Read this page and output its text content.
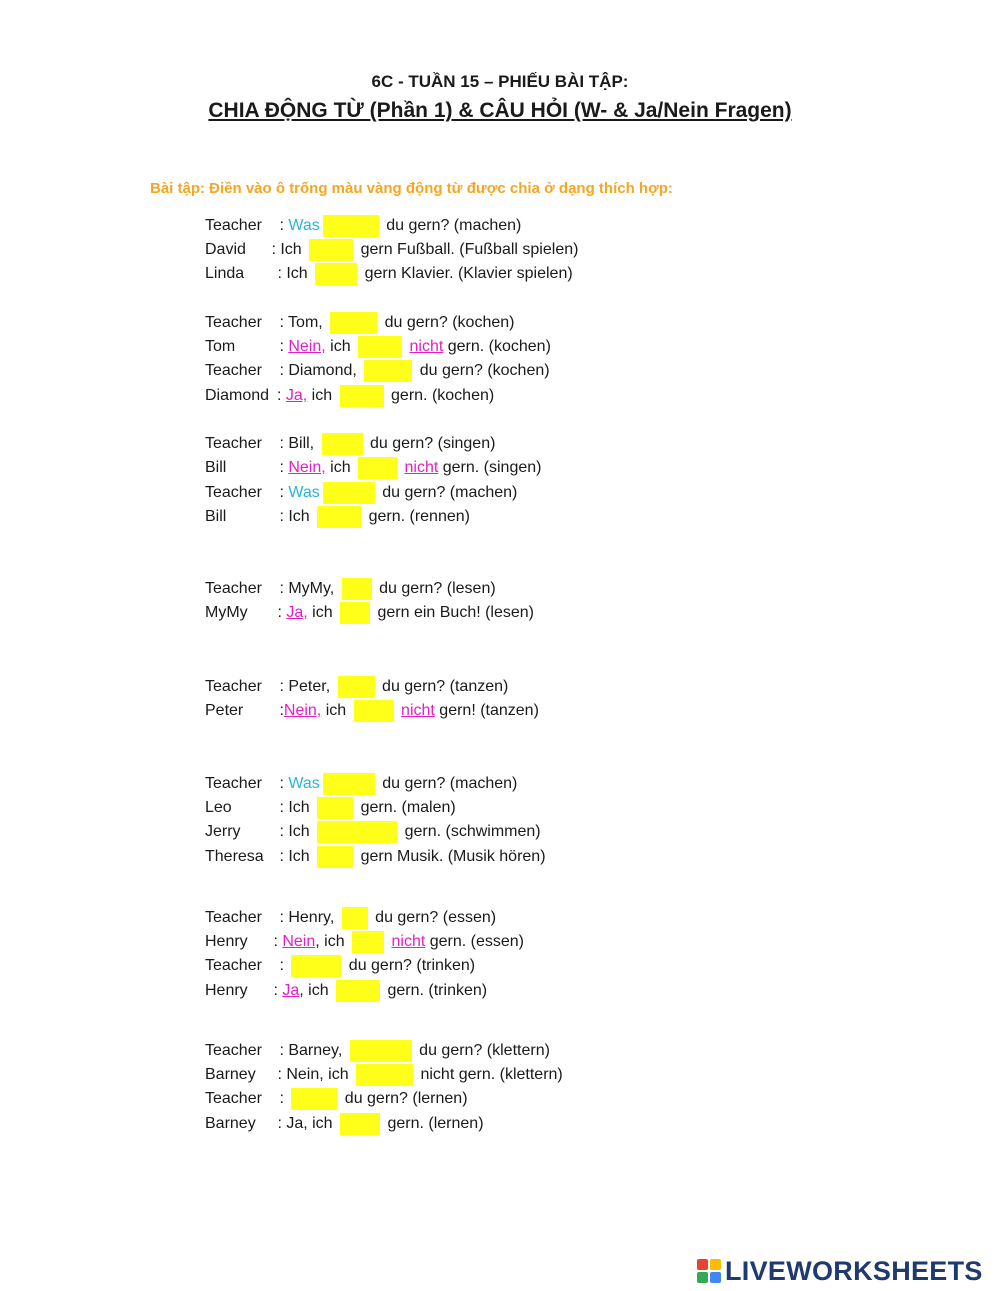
6C - TUẦN 15 – PHIẾU BÀI TẬP:
CHIA ĐỘNG TỪ (Phần 1) & CÂU HỎI (W- & Ja/Nein Fragen)
Bài tập: Điền vào ô trống màu vàng động từ được chia ở dạng thích hợp:
Teacher : Was	du gern? (machen)
David	: Ich	gern Fußball. (Fußball spielen)
Linda	: Ich	gern Klavier. (Klavier spielen)
Teacher : Tom,	du gern? (kochen)
Tom	: Nein, ich
	nicht gern. (kochen)
Teacher : Diamond,	du gern? (kochen)
Diamond : Ja, ich	gern. (kochen)
Teacher : Bill,	du gern? (singen)
Bill	: Nein, ich
	nicht gern. (singen)
Teacher : Was	du gern? (machen)
Bill	: Ich	gern. (rennen)
Teacher : MyMy, du gern? (lesen)
MyMy	: Ja, ich gern ein Buch! (lesen)
Teacher : Peter,	du gern? (tanzen)
Peter	: Nein, ich
	nicht gern! (tanzen)
Teacher : Was	du gern? (machen)
Leo	: Ich	gern. (malen)
Jerry	: Ich	gern. (schwimmen)
Theresa : Ich	gern Musik. (Musik hören)
Teacher : Henry, du gern? (essen)
Henry	: Nein , ich
	nicht gern. (essen)
Teacher :	du gern? (trinken)
Henry	: Ja , ich	gern. (trinken)
Teacher : Barney,	du gern? (klettern)
Barney	: Nein, ich	nicht gern. (klettern)
Teacher :	du gern? (lernen)
Barney	: Ja, ich	gern. (lernen)
LIVEWORKSHEETS
